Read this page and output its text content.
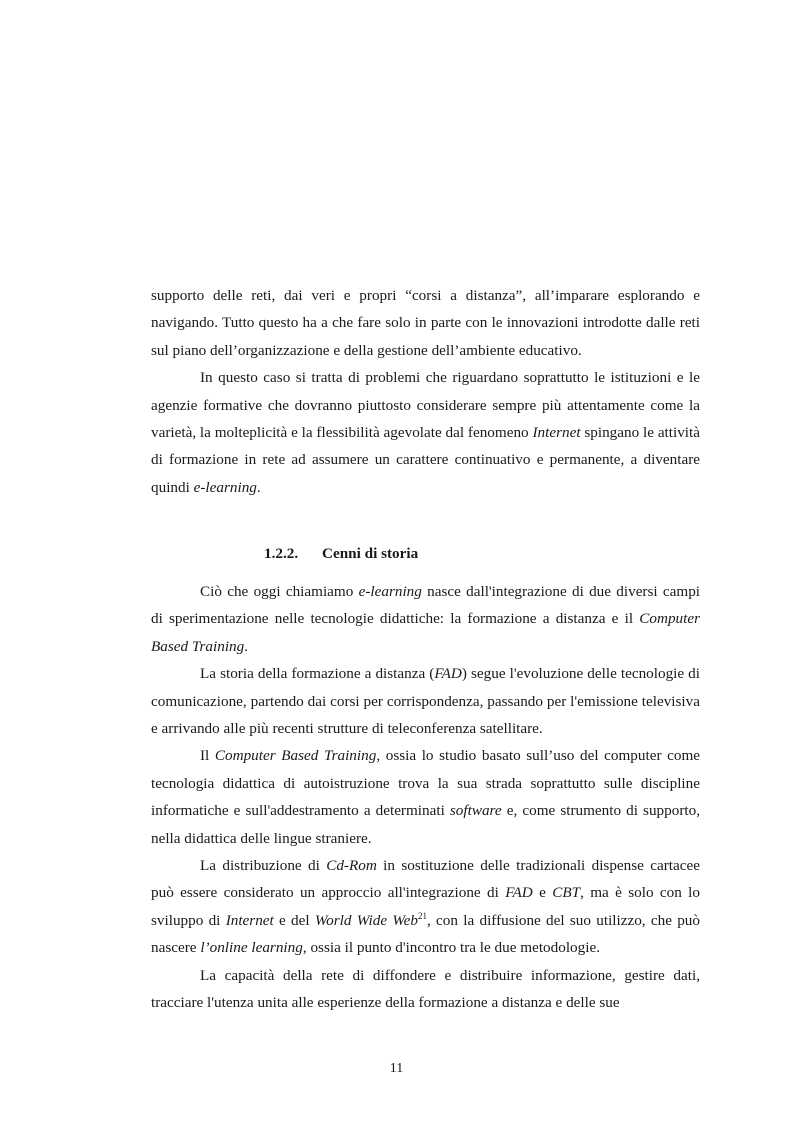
supporto delle reti, dai veri e propri “corsi a distanza”, all’imparare esplorando e navigando. Tutto questo ha a che fare solo in parte con le innovazioni introdotte dalle reti sul piano dell’organizzazione e della gestione dell’ambiente educativo.

In questo caso si tratta di problemi che riguardano soprattutto le istituzioni e le agenzie formative che dovranno piuttosto considerare sempre più attentamente come la varietà, la molteplicità e la flessibilità agevolate dal fenomeno Internet spingano le attività di formazione in rete ad assumere un carattere continuativo e permanente, a diventare quindi e-learning.

1.2.2. Cenni di storia

Ciò che oggi chiamiamo e-learning nasce dall'integrazione di due diversi campi di sperimentazione nelle tecnologie didattiche: la formazione a distanza e il Computer Based Training.

La storia della formazione a distanza (FAD) segue l'evoluzione delle tecnologie di comunicazione, partendo dai corsi per corrispondenza, passando per l'emissione televisiva e arrivando alle più recenti strutture di teleconferenza satellitare.

Il Computer Based Training, ossia lo studio basato sull’uso del computer come tecnologia didattica di autoistruzione trova la sua strada soprattutto sulle discipline informatiche e sull'addestramento a determinati software e, come strumento di supporto, nella didattica delle lingue straniere.

La distribuzione di Cd-Rom in sostituzione delle tradizionali dispense cartacee può essere considerato un approccio all'integrazione di FAD e CBT, ma è solo con lo sviluppo di Internet e del World Wide Web$^{21}$, con la diffusione del suo utilizzo, che può nascere l’online learning, ossia il punto d'incontro tra le due metodologie.

La capacità della rete di diffondere e distribuire informazione, gestire dati, tracciare l'utenza unita alle esperienze della formazione a distanza e delle sue

11
